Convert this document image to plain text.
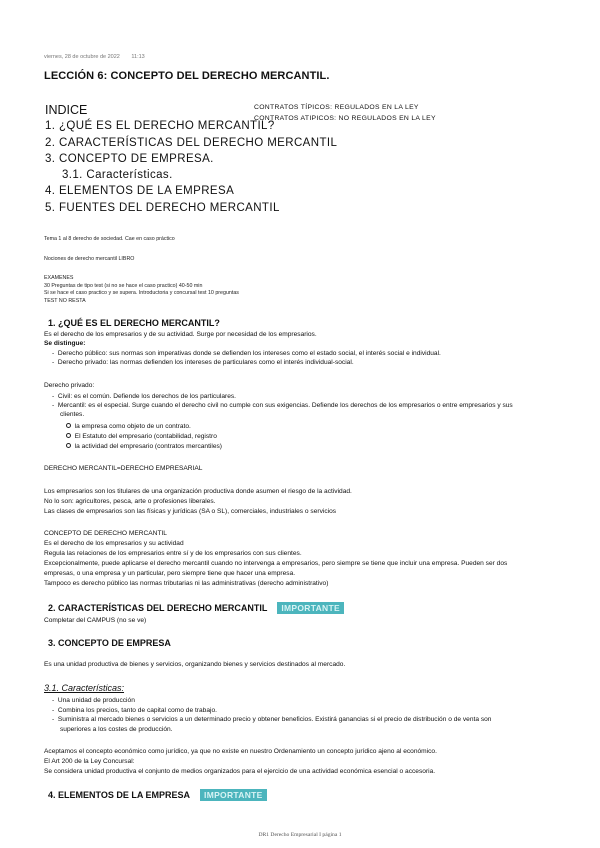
viernes, 28 de octubre de 2022 11:13
LECCIÓN 6: CONCEPTO DEL DERECHO MERCANTIL.
CONTRATOS TÍPICOS: REGULADOS EN LA LEY
CONTRATOS ATIPICOS: NO REGULADOS EN LA LEY
INDICE
1. ¿QUÉ ES EL DERECHO MERCANTIL?
2. CARACTERÍSTICAS DEL DERECHO MERCANTIL
3. CONCEPTO DE EMPRESA.
3.1. Características.
4. ELEMENTOS DE LA EMPRESA
5. FUENTES DEL DERECHO MERCANTIL
Tema 1 al 8 derecho de sociedad. Cae en caso práctico
Nociones de derecho mercantil LIBRO
EXAMENES
30 Preguntas de tipo test (si no se hace el caso practico) 40-50 min
Si se hace el caso practico y se supera. Introductoria y concursal test 10 preguntas
TEST NO RESTA
1. ¿QUÉ ES EL DERECHO MERCANTIL?
Es el derecho de los empresarios y de su actividad. Surge por necesidad de los empresarios.
Se distingue:
-  Derecho público: sus normas son imperativas donde se defienden los intereses como el estado social, el interés social e individual.
-  Derecho privado: las normas defienden los intereses de particulares como el interés individual-social.
Derecho privado:
-  Civil: es el común. Defiende los derechos de los particulares.
-  Mercantil: es el especial. Surge cuando el derecho civil no cumple con sus exigencias. Defiende los derechos de los empresarios o entre empresarios y sus
clientes.
la empresa como objeto de un contrato.
El Estatuto del empresario (contabilidad, registro
la actividad del empresario (contratos mercantiles)
DERECHO MERCANTIL=DERECHO EMPRESARIAL
Los empresarios son los titulares de una organización productiva donde asumen el riesgo de la actividad.
No lo son: agricultores, pesca, arte o profesiones liberales.
Las clases de empresarios son las físicas y jurídicas (SA o SL), comerciales, industriales o servicios
CONCEPTO DE DERECHO MERCANTIL
Es el derecho de los empresarios y su actividad
Regula las relaciones de los empresarios entre sí y de los empresarios con sus clientes.
Excepcionalmente, puede aplicarse el derecho mercantil cuando no intervenga a empresarios, pero siempre se tiene que incluir una empresa. Pueden ser dos
empresas, o una empresa y un particular, pero siempre tiene que hacer una empresa.
Tampoco es derecho público las normas tributarias ni las administrativas (derecho administrativo)
2. CARACTERÍSTICAS DEL DERECHO MERCANTIL IMPORTANTE
Completar del CAMPUS (no se ve)
3. CONCEPTO DE EMPRESA
Es una unidad productiva de bienes y servicios, organizando bienes y servicios destinados al mercado.
3.1. Características:
-  Una unidad de producción
-  Combina los precios, tanto de capital como de trabajo.
-  Suministra al mercado bienes o servicios a un determinado precio y obtener beneficios. Existirá ganancias si el precio de distribución o de venta son
superiores a los costes de producción.
Aceptamos el concepto económico como jurídico, ya que no existe en nuestro Ordenamiento un concepto jurídico ajeno al económico.
El Art 200 de la Ley Concursal:
Se considera unidad productiva el conjunto de medios organizados para el ejercicio de una actividad económica esencial o accesoria.
4. ELEMENTOS DE LA EMPRESA IMPORTANTE
DR1 Derecho Empresarial I página 1
